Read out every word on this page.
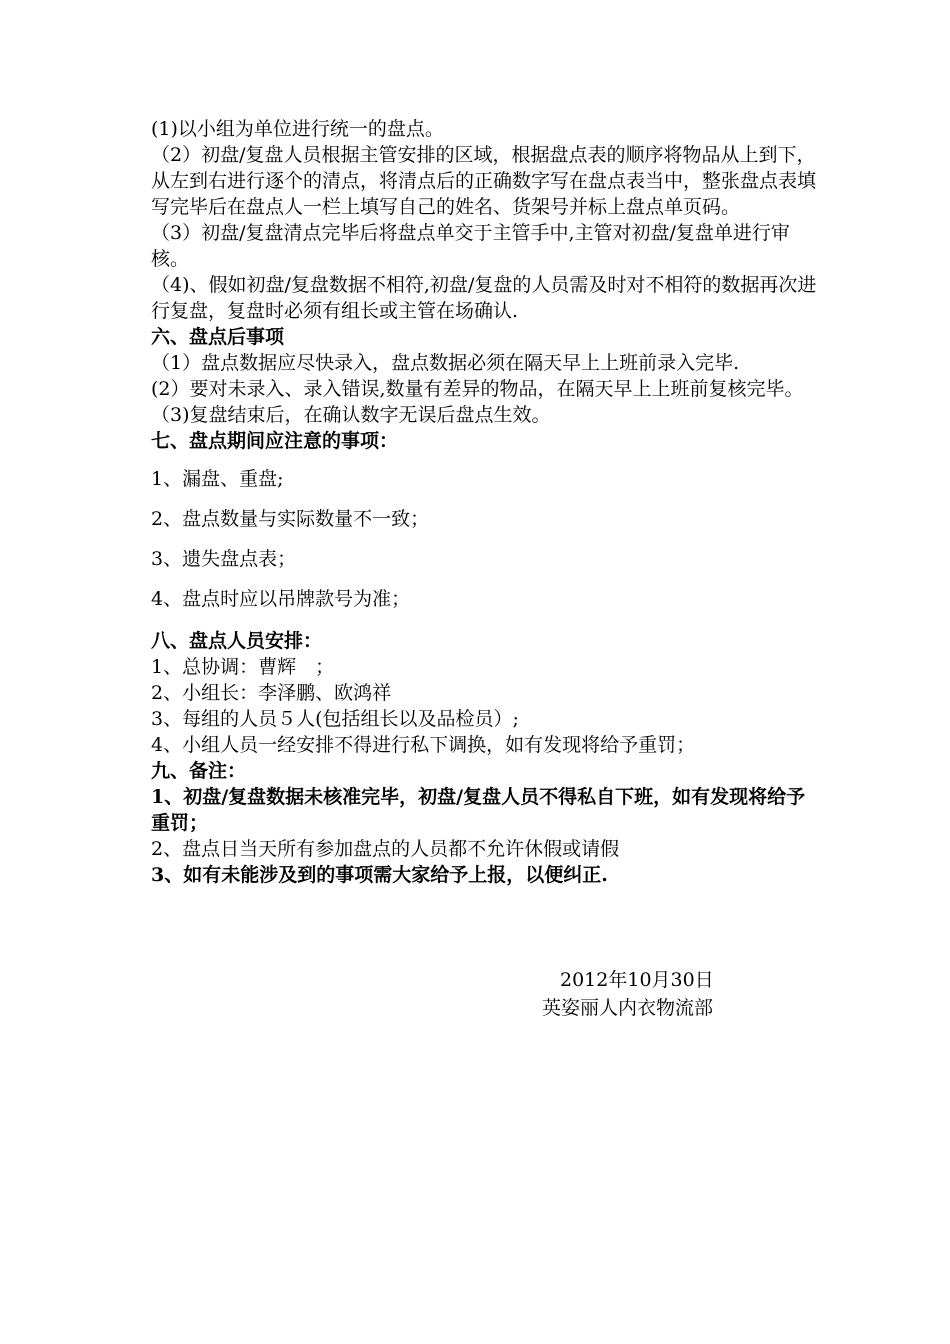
(1)以小组为单位进行统一的盘点。

（2）初盘/复盘人员根据主管安排的区域，根据盘点表的顺序将物品从上到下，从左到右进行逐个的清点，将清点后的正确数字写在盘点表当中，整张盘点表填写完毕后在盘点人一栏上填写自己的姓名、货架号并标上盘点单页码。

（3）初盘/复盘清点完毕后将盘点单交于主管手中,主管对初盘/复盘单进行审核。

（4)、假如初盘/复盘数据不相符,初盘/复盘的人员需及时对不相符的数据再次进行复盘，复盘时必须有组长或主管在场确认.

六、盘点后事项

（1）盘点数据应尽快录入，盘点数据必须在隔天早上上班前录入完毕.

(2）要对未录入、录入错误,数量有差异的物品，在隔天早上上班前复核完毕。

（3)复盘结束后，在确认数字无误后盘点生效。

七、盘点期间应注意的事项：

1、漏盘、重盘;

2、盘点数量与实际数量不一致；

3、遗失盘点表；

4、盘点时应以吊牌款号为准；

八、盘点人员安排：

1、总协调：曹辉　；

2、小组长：李泽鹏、欧鸿祥

3、每组的人员５人(包括组长以及品检员）;

4、小组人员一经安排不得进行私下调换，如有发现将给予重罚；

九、备注：

1、初盘/复盘数据未核准完毕，初盘/复盘人员不得私自下班，如有发现将给予重罚；

2、盘点日当天所有参加盘点的人员都不允许休假或请假

3、如有未能涉及到的事项需大家给予上报，以便纠正.

2012年10月30日

英姿丽人内衣物流部
